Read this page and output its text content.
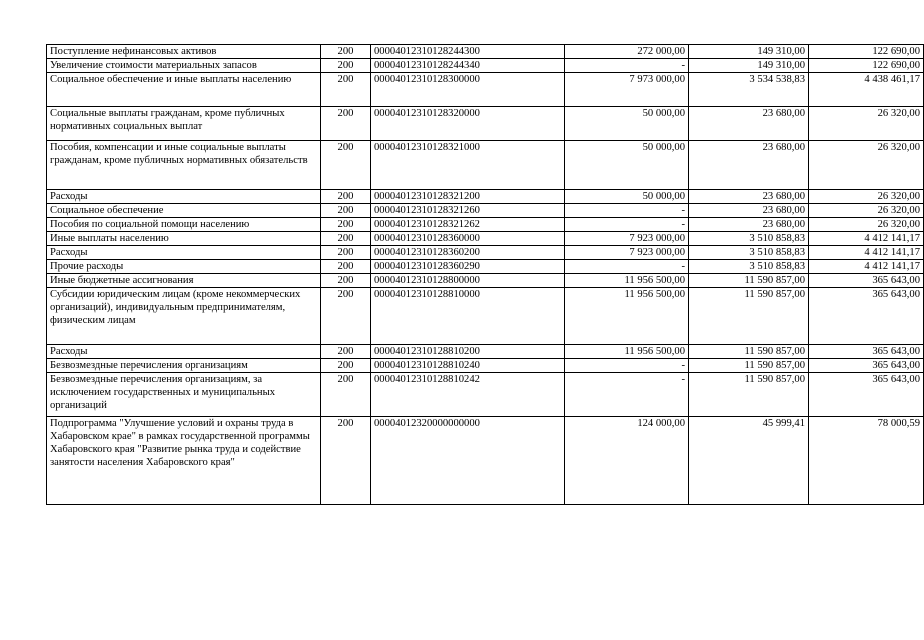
Поступление нефинансовых активов	200	00004012310128244300	272 000,00	149 310,00	122 690,00
Увеличение стоимости материальных запасов	200	00004012310128244340	-	149 310,00	122 690,00
Социальное обеспечение и иные выплаты населению	200	00004012310128300000	7 973 000,00	3 534 538,83	4 438 461,17
Социальные выплаты гражданам, кроме публичных нормативных социальных выплат	200	00004012310128320000	50 000,00	23 680,00	26 320,00
Пособия, компенсации и иные социальные выплаты гражданам, кроме публичных нормативных обязательств	200	00004012310128321000	50 000,00	23 680,00	26 320,00
Расходы	200	00004012310128321200	50 000,00	23 680,00	26 320,00
Социальное обеспечение	200	00004012310128321260	-	23 680,00	26 320,00
Пособия по социальной помощи населению	200	00004012310128321262	-	23 680,00	26 320,00
Иные выплаты населению	200	00004012310128360000	7 923 000,00	3 510 858,83	4 412 141,17
Расходы	200	00004012310128360200	7 923 000,00	3 510 858,83	4 412 141,17
Прочие расходы	200	00004012310128360290	-	3 510 858,83	4 412 141,17
Иные бюджетные ассигнования	200	00004012310128800000	11 956 500,00	11 590 857,00	365 643,00
Субсидии юридическим лицам (кроме некоммерческих организаций), индивидуальным предпринимателям, физическим лицам	200	00004012310128810000	11 956 500,00	11 590 857,00	365 643,00
Расходы	200	00004012310128810200	11 956 500,00	11 590 857,00	365 643,00
Безвозмездные перечисления организациям	200	00004012310128810240	-	11 590 857,00	365 643,00
Безвозмездные перечисления организациям, за исключением государственных и муниципальных организаций	200	00004012310128810242	-	11 590 857,00	365 643,00
Подпрограмма "Улучшение условий и охраны труда в Хабаровском крае" в рамках государственной программы Хабаровского края "Развитие рынка труда и содействие занятости населения Хабаровского края"	200	00004012320000000000	124 000,00	45 999,41	78 000,59
